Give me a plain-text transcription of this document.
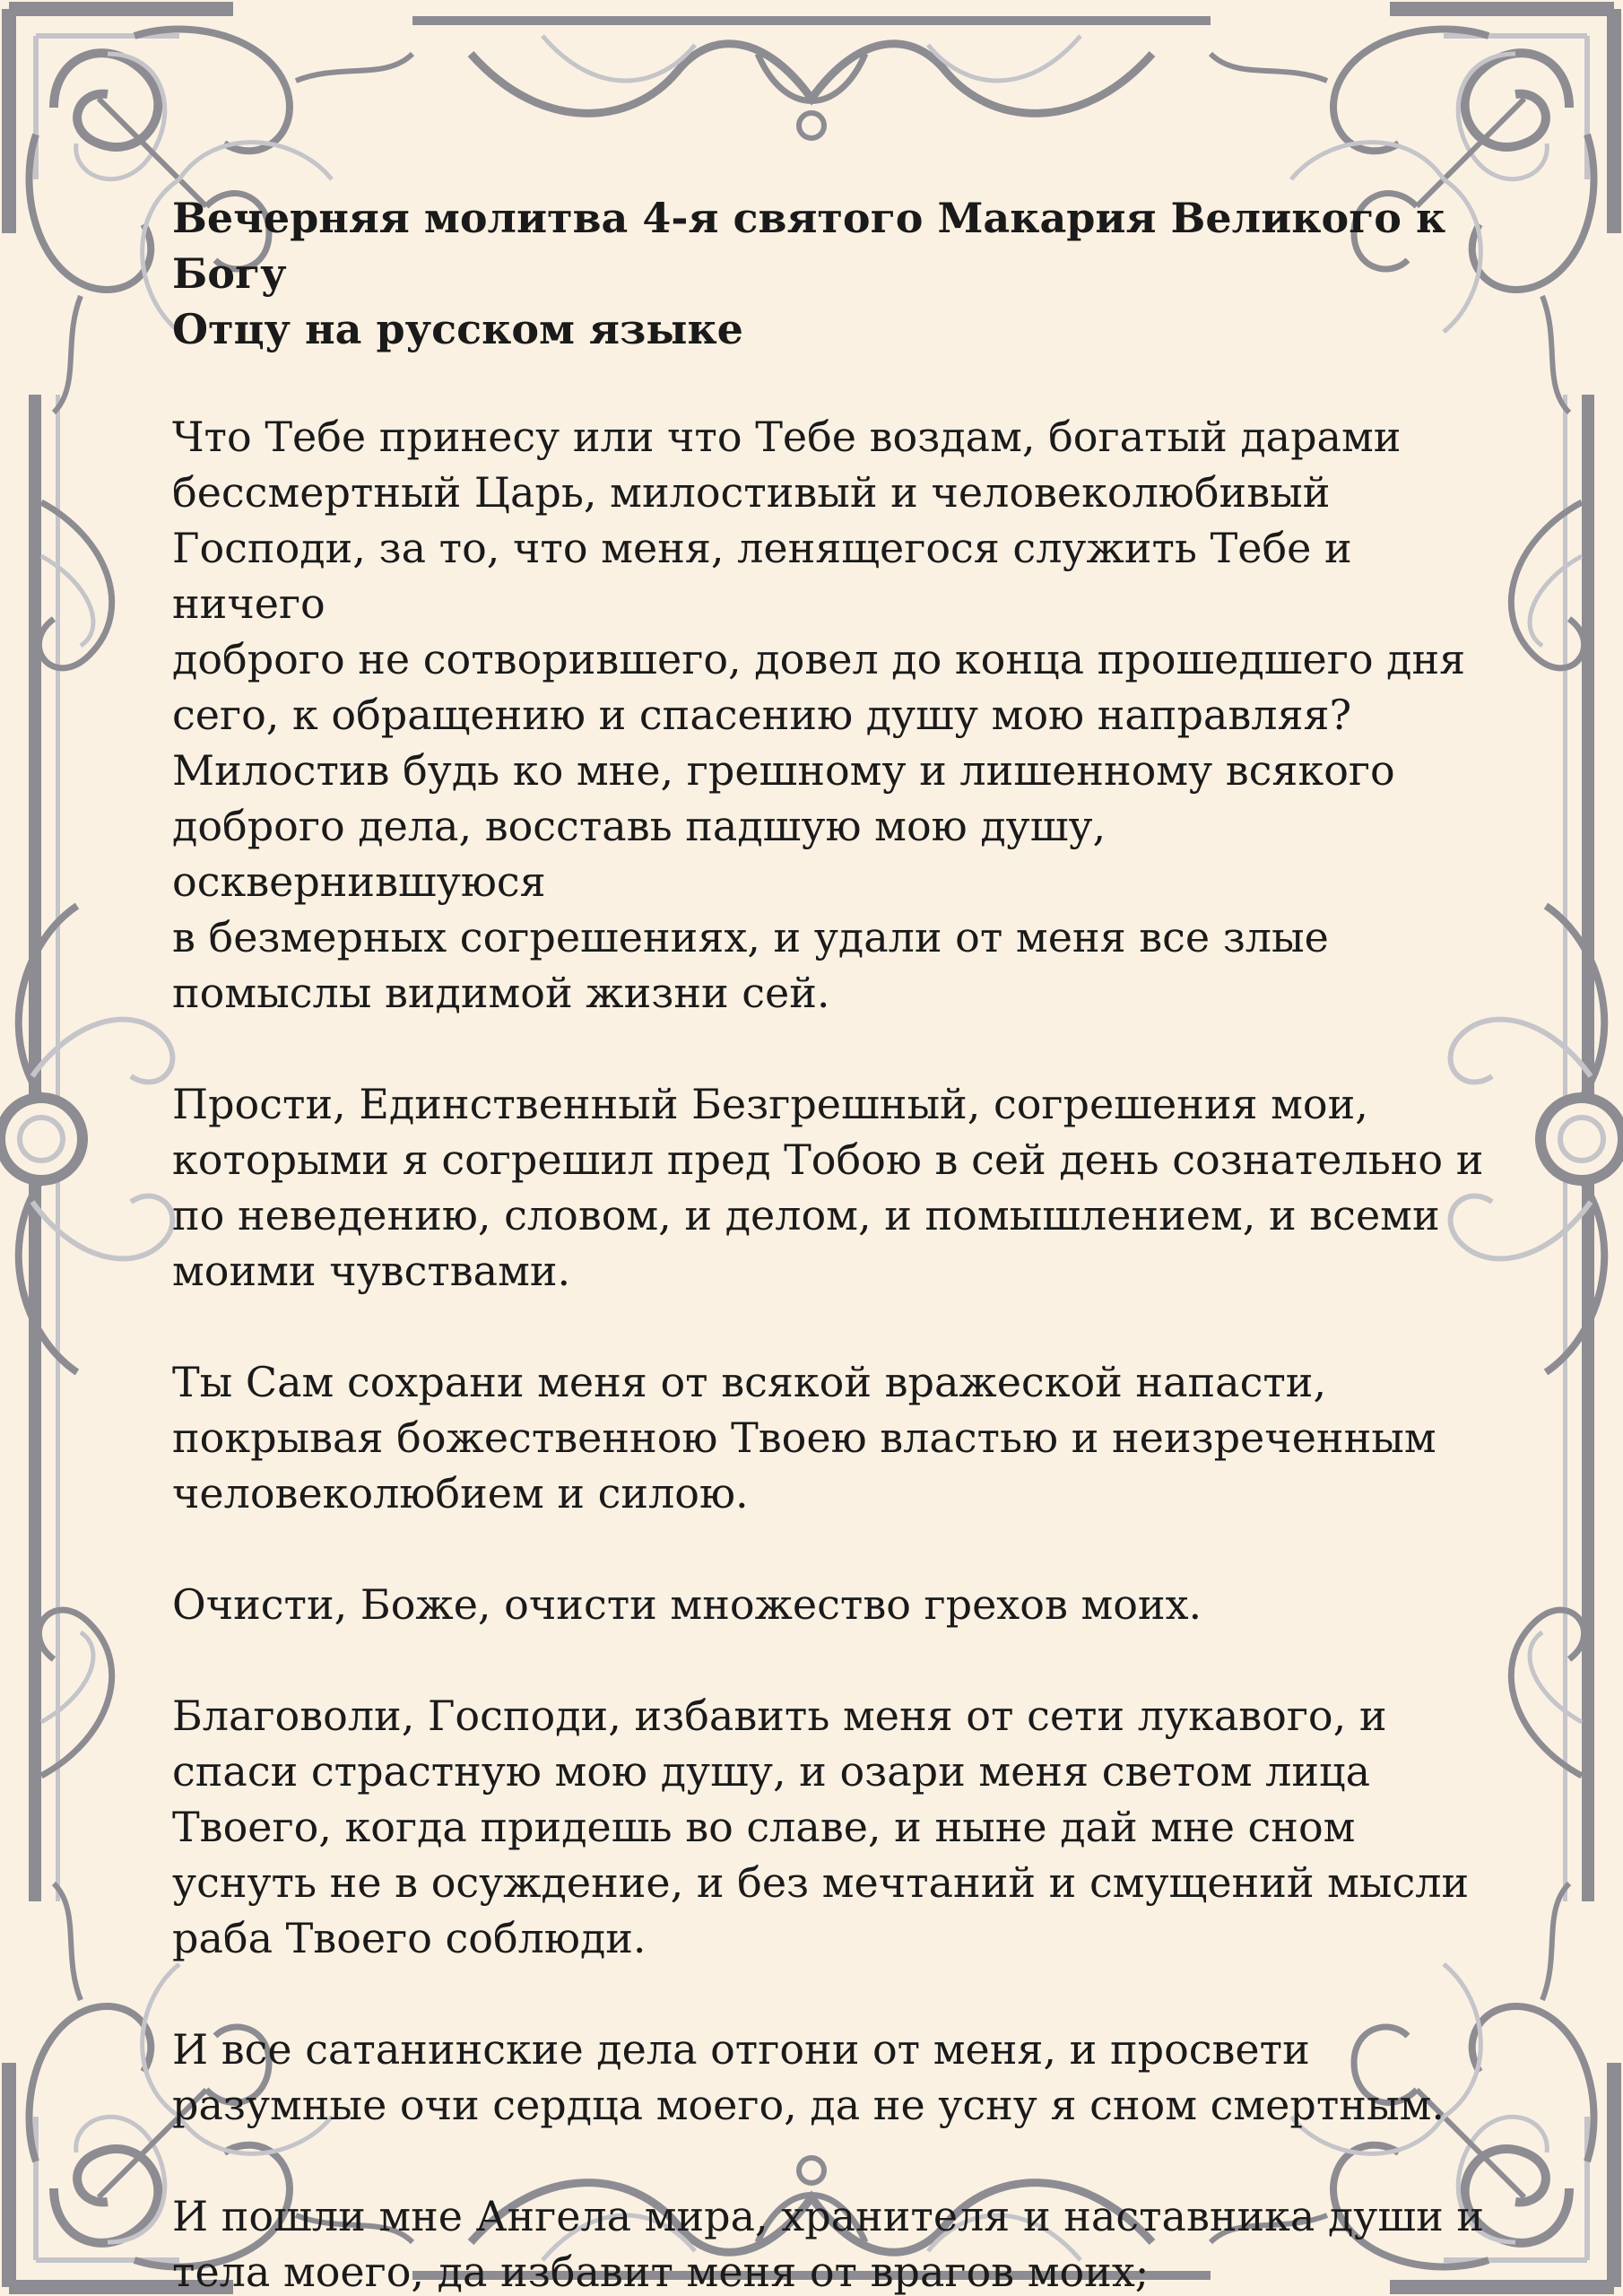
Вечерняя молитва 4-я святого Макария Великого к Богу
Отцу на русском языке
Что Тебе принесу или что Тебе воздам, богатый дарами
бессмертный Царь, милостивый и человеколюбивый
Господи, за то, что меня, ленящегося служить Тебе и ничего
доброго не сотворившего, довел до конца прошедшего дня
сего, к обращению и спасению душу мою направляя?
Милостив будь ко мне, грешному и лишенному всякого
доброго дела, восставь падшую мою душу, осквернившуюся
в безмерных согрешениях, и удали от меня все злые
помыслы видимой жизни сей.
Прости, Единственный Безгрешный, согрешения мои,
которыми я согрешил пред Тобою в сей день сознательно и
по неведению, словом, и делом, и помышлением, и всеми
моими чувствами.
Ты Сам сохрани меня от всякой вражеской напасти,
покрывая божественною Твоею властью и неизреченным
человеколюбием и силою.
Очисти, Боже, очисти множество грехов моих.
Благоволи, Господи, избавить меня от сети лукавого, и
спаси страстную мою душу, и озари меня светом лица
Твоего, когда придешь во славе, и ныне дай мне сном
уснуть не в осуждение, и без мечтаний и смущений мысли
раба Твоего соблюди.
И все сатанинские дела отгони от меня, и просвети
разумные очи сердца моего, да не усну я сном смертным.
И пошли мне Ангела мира, хранителя и наставника души и
тела моего, да избавит меня от врагов моих;
